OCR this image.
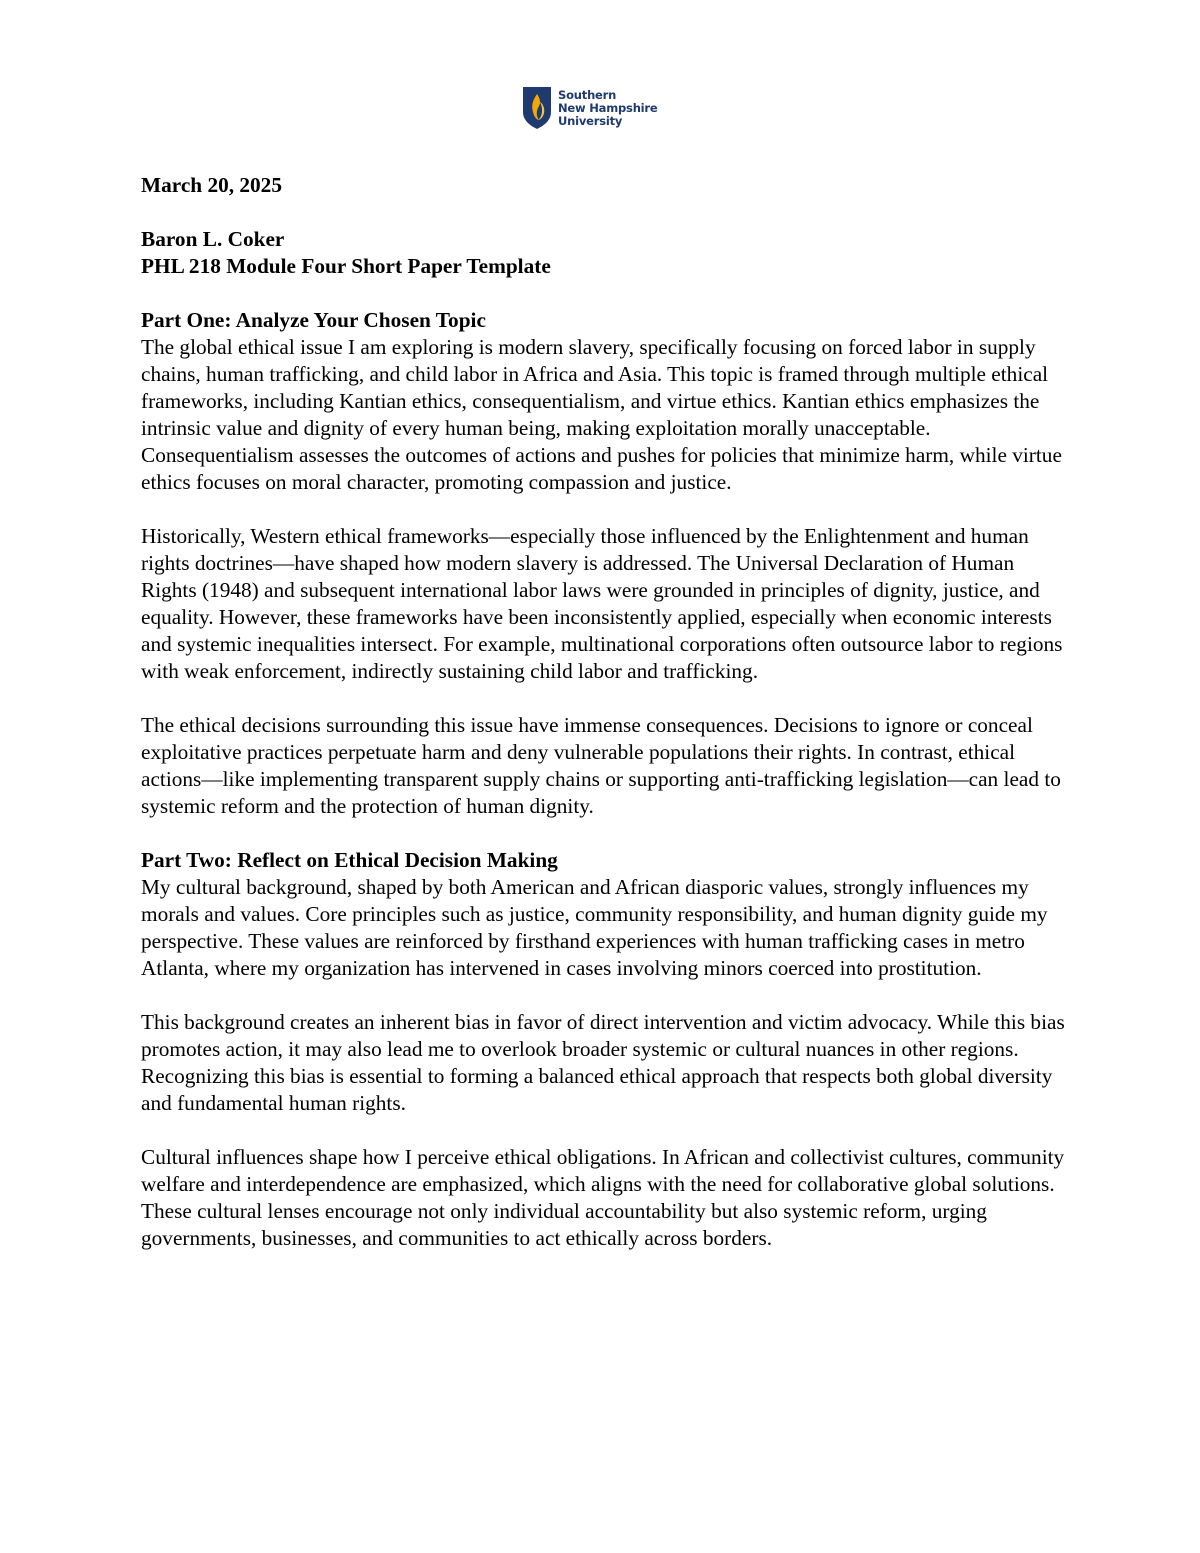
Southern
New Hampshire
University

March 20, 2025

Baron L. Coker

PHL 218 Module Four Short Paper Template

Part One: Analyze Your Chosen Topic

The global ethical issue I am exploring is modern slavery, specifically focusing on forced labor in supply chains, human trafficking, and child labor in Africa and Asia. This topic is framed through multiple ethical frameworks, including Kantian ethics, consequentialism, and virtue ethics. Kantian ethics emphasizes the intrinsic value and dignity of every human being, making exploitation morally unacceptable. Consequentialism assesses the outcomes of actions and pushes for policies that minimize harm, while virtue ethics focuses on moral character, promoting compassion and justice.

Historically, Western ethical frameworks—especially those influenced by the Enlightenment and human rights doctrines—have shaped how modern slavery is addressed. The Universal Declaration of Human Rights (1948) and subsequent international labor laws were grounded in principles of dignity, justice, and equality. However, these frameworks have been inconsistently applied, especially when economic interests and systemic inequalities intersect. For example, multinational corporations often outsource labor to regions with weak enforcement, indirectly sustaining child labor and trafficking.

The ethical decisions surrounding this issue have immense consequences. Decisions to ignore or conceal exploitative practices perpetuate harm and deny vulnerable populations their rights. In contrast, ethical actions—like implementing transparent supply chains or supporting anti-trafficking legislation—can lead to systemic reform and the protection of human dignity.

Part Two: Reflect on Ethical Decision Making

My cultural background, shaped by both American and African diasporic values, strongly influences my morals and values. Core principles such as justice, community responsibility, and human dignity guide my perspective. These values are reinforced by firsthand experiences with human trafficking cases in metro Atlanta, where my organization has intervened in cases involving minors coerced into prostitution.

This background creates an inherent bias in favor of direct intervention and victim advocacy. While this bias promotes action, it may also lead me to overlook broader systemic or cultural nuances in other regions. Recognizing this bias is essential to forming a balanced ethical approach that respects both global diversity and fundamental human rights.

Cultural influences shape how I perceive ethical obligations. In African and collectivist cultures, community welfare and interdependence are emphasized, which aligns with the need for collaborative global solutions. These cultural lenses encourage not only individual accountability but also systemic reform, urging governments, businesses, and communities to act ethically across borders.
